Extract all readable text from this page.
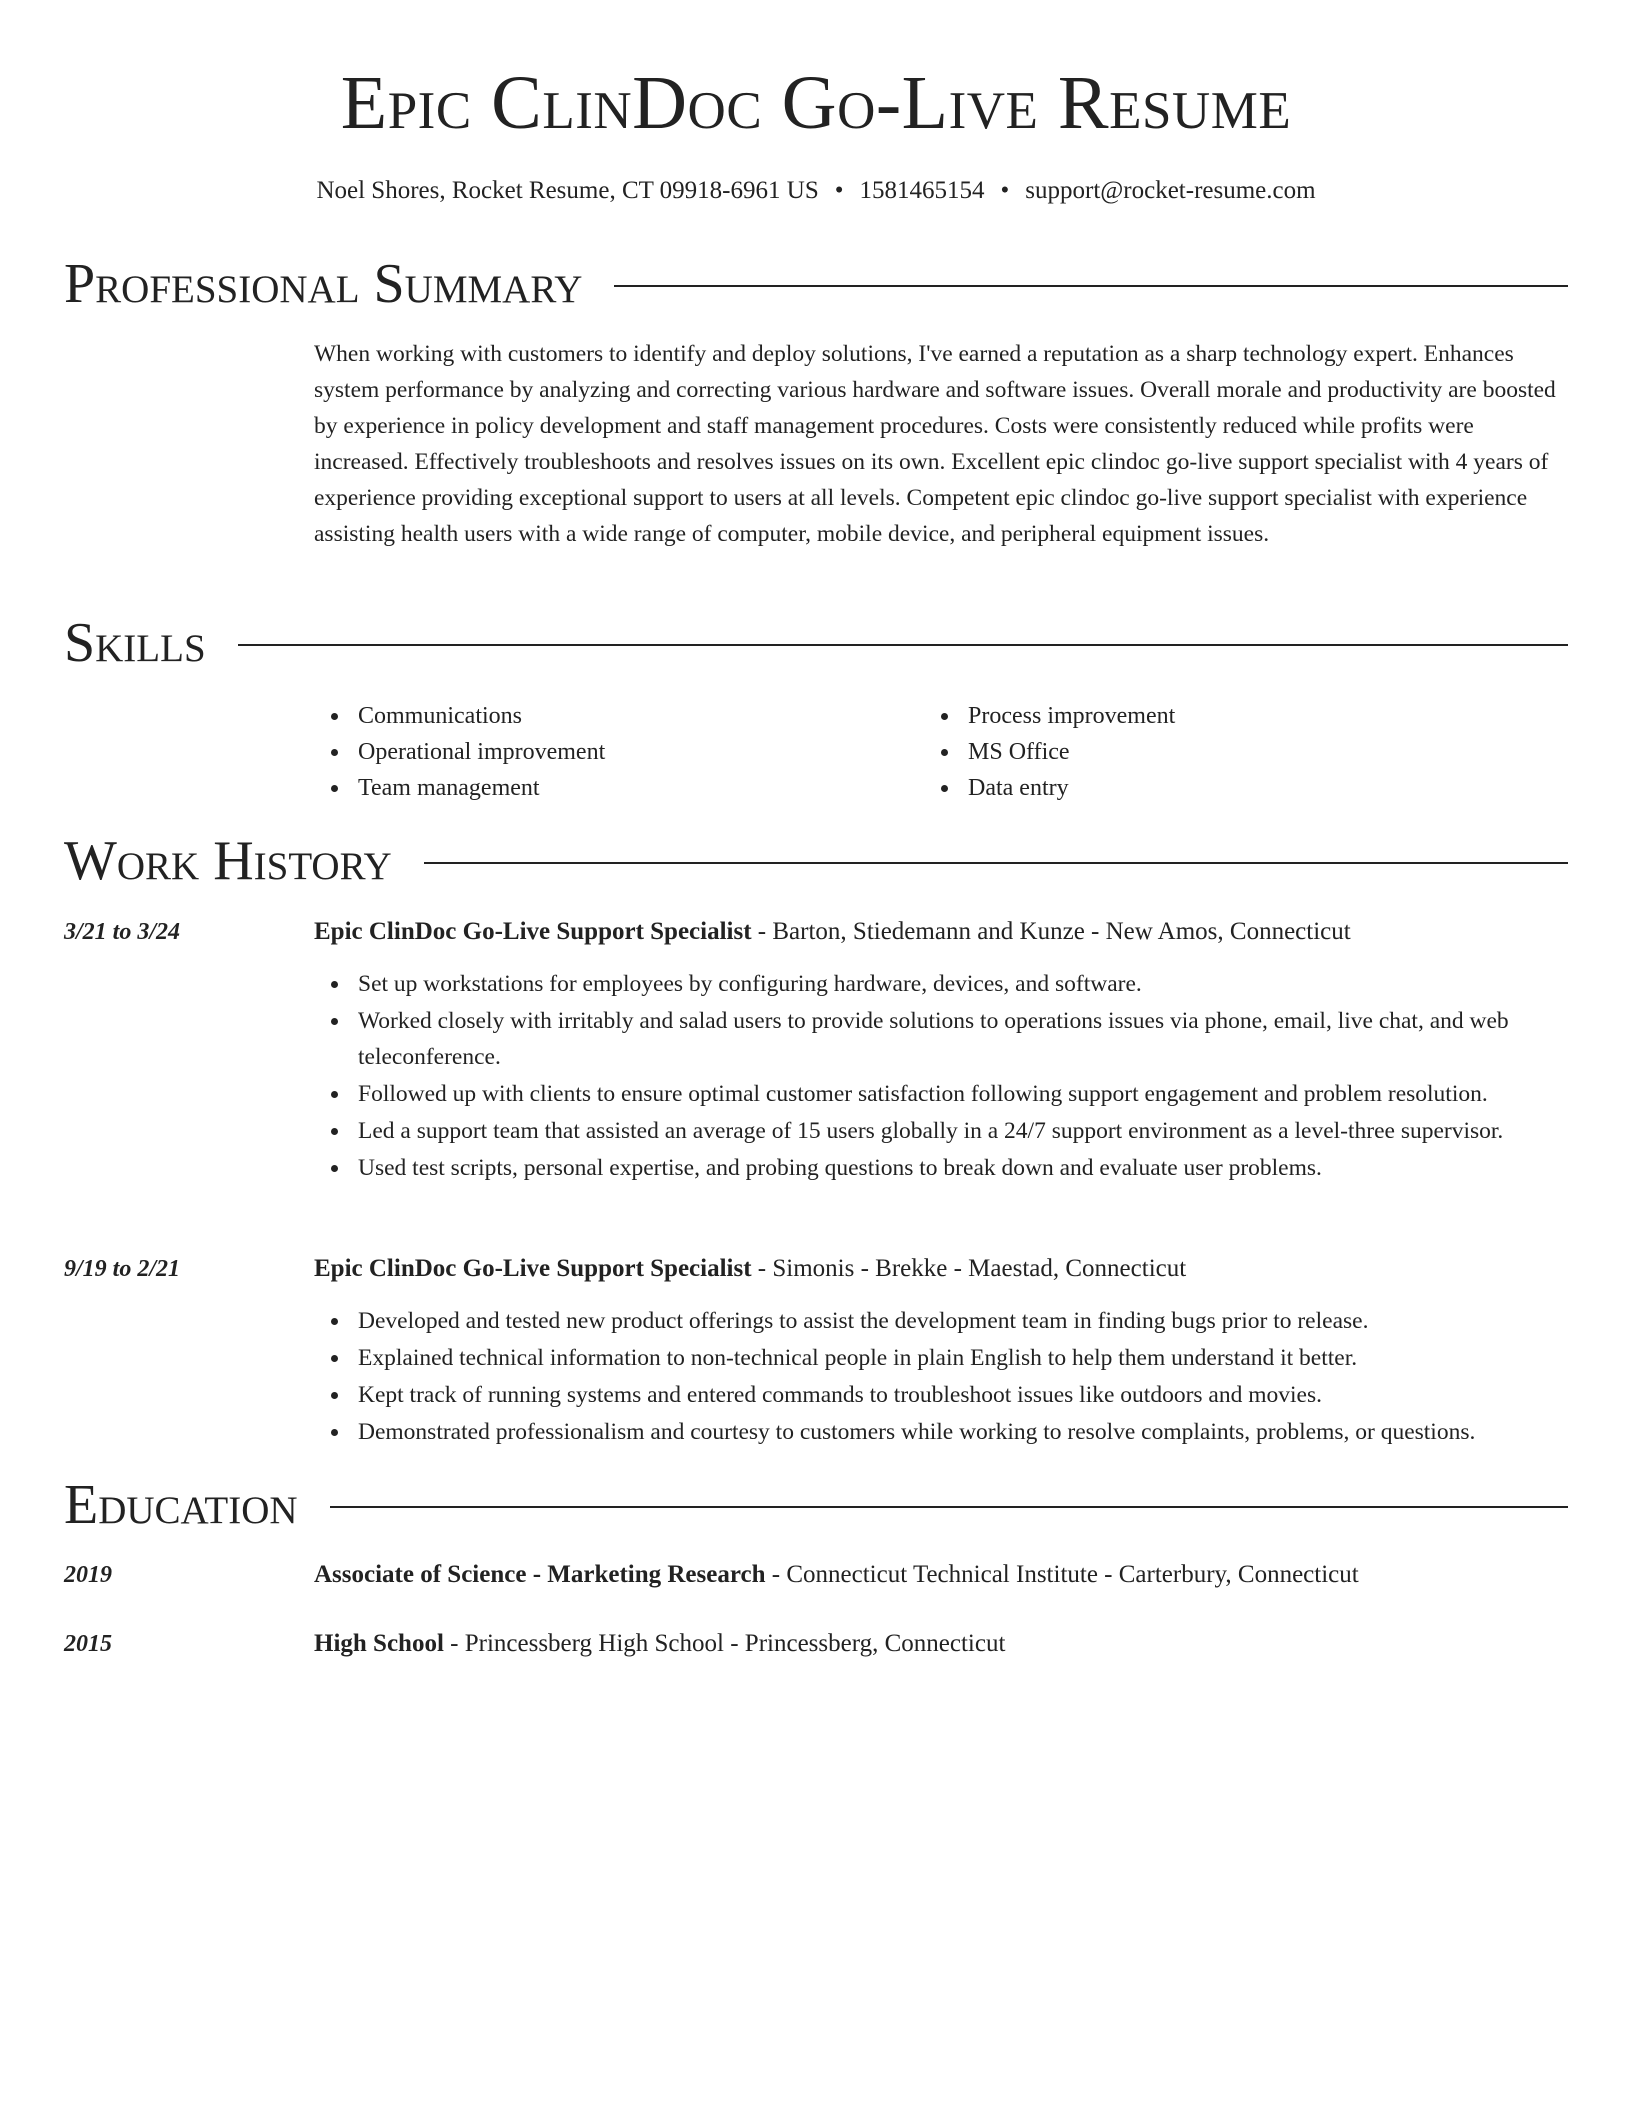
Epic ClinDoc Go-Live Resume
Noel Shores, Rocket Resume, CT 09918-6961 US • 1581465154 • support@rocket-resume.com
Professional Summary

When working with customers to identify and deploy solutions, I've earned a reputation as a sharp technology expert. Enhances system performance by analyzing and correcting various hardware and software issues. Overall morale and productivity are boosted by experience in policy development and staff management procedures. Costs were consistently reduced while profits were increased. Effectively troubleshoots and resolves issues on its own. Excellent epic clindoc go-live support specialist with 4 years of experience providing exceptional support to users at all levels. Competent epic clindoc go-live support specialist with experience assisting health users with a wide range of computer, mobile device, and peripheral equipment issues.

Skills
Communications
Operational improvement
Team management
Process improvement
MS Office
Data entry
Work History
3/21 to 3/24	Epic ClinDoc Go-Live Support Specialist - Barton, Stiedemann and Kunze - New Amos, Connecticut
Set up workstations for employees by configuring hardware, devices, and software.
Worked closely with irritably and salad users to provide solutions to operations issues via phone, email, live chat, and web teleconference.
Followed up with clients to ensure optimal customer satisfaction following support engagement and problem resolution.
Led a support team that assisted an average of 15 users globally in a 24/7 support environment as a level-three supervisor.
Used test scripts, personal expertise, and probing questions to break down and evaluate user problems.
9/19 to 2/21	Epic ClinDoc Go-Live Support Specialist - Simonis - Brekke - Maestad, Connecticut
Developed and tested new product offerings to assist the development team in finding bugs prior to release.
Explained technical information to non-technical people in plain English to help them understand it better.
Kept track of running systems and entered commands to troubleshoot issues like outdoors and movies.
Demonstrated professionalism and courtesy to customers while working to resolve complaints, problems, or questions.
Education
2019	Associate of Science - Marketing Research - Connecticut Technical Institute - Carterbury, Connecticut
2015	High School - Princessberg High School - Princessberg, Connecticut
